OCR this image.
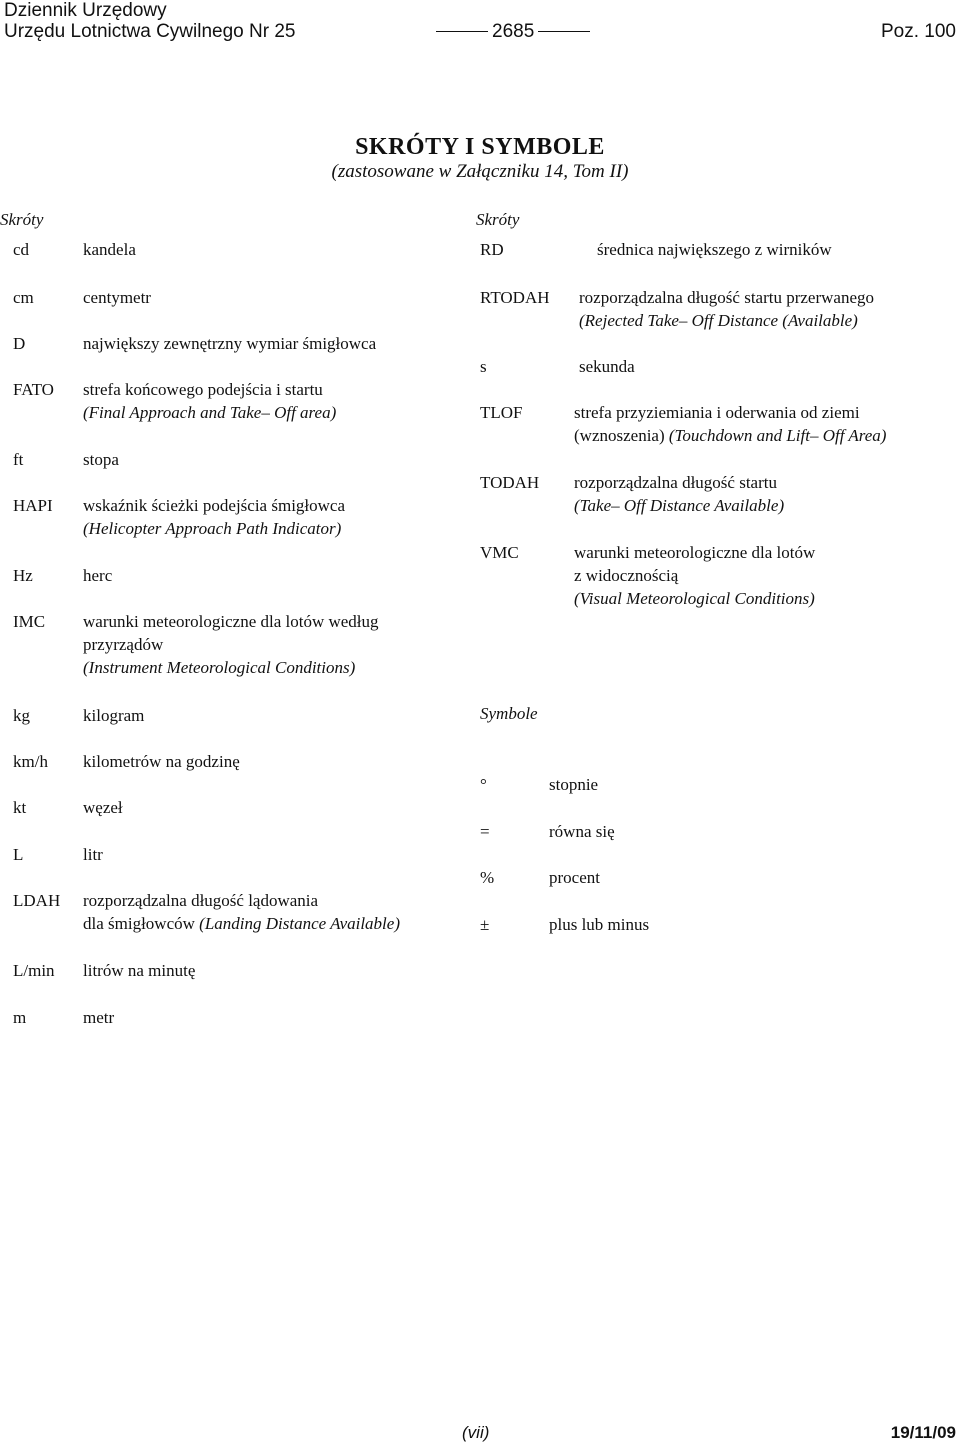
Dziennik Urzędowy
Urzędu Lotnictwa Cywilnego Nr 25	2685	Poz. 100
SKRÓTY I SYMBOLE
(zastosowane w Załączniku 14, Tom II)
Skróty	Skróty
Symbole
cd	kandela
cm	centymetr
D	największy zewnętrzny wymiar śmigłowca
FATO strefa końcowego podejścia i startu
(Final Approach and Take– Off area)
ft	stopa
HAPI wskaźnik ścieżki podejścia śmigłowca
(Helicopter Approach Path Indicator)
Hz	herc
IMC warunki meteorologiczne dla lotów według
przyrządów
(Instrument Meteorological Conditions)
kg	kilogram
km/h kilometrów na godzinę
kt	węzeł
L	litr
LDAH rozporządzalna długość lądowania
dla śmigłowców (Landing Distance Available)
L/min litrów na minutę
m	metr
RD	średnica największego z wirników
RTODAH rozporządzalna długość startu przerwanego
(Rejected Take– Off Distance (Available)
s	sekunda
TLOF	strefa przyziemiania i oderwania od ziemi
(wznoszenia) (Touchdown and Lift– Off Area)
TODAH rozporządzalna długość startu
(Take– Off Distance Available)
VMC	warunki meteorologiczne dla lotów
z widocznością
(Visual Meteorological Conditions)
°	stopnie
=	równa się
%	procent
±	plus lub minus
(vii)	19/11/09
